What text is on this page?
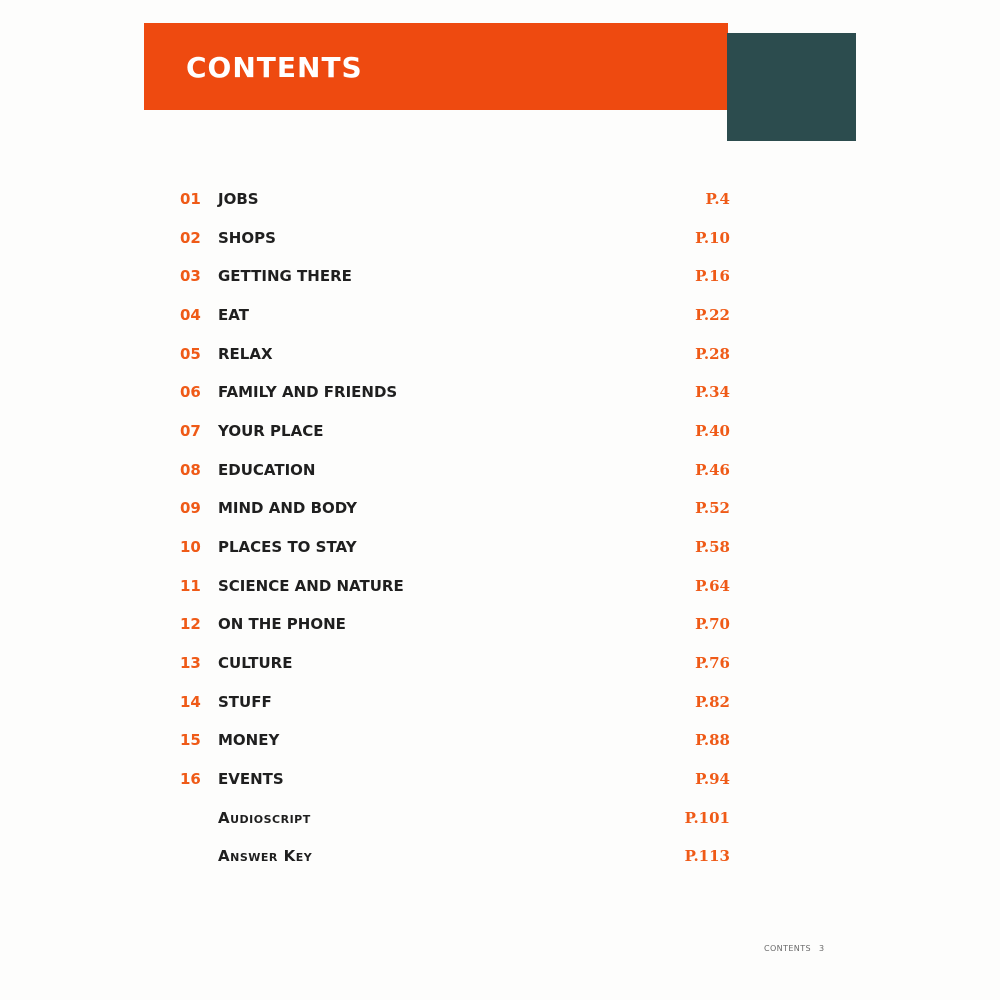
CONTENTS
01 JOBS	P.4
02 SHOPS	P.10
03 GETTING THERE	P.16
04 EAT	P.22
05 RELAX	P.28
06 FAMILY AND FRIENDS	P.34
07 YOUR PLACE	P.40
08 EDUCATION	P.46
09 MIND AND BODY	P.52
10 PLACES TO STAY	P.58
11 SCIENCE AND NATURE	P.64
12 ON THE PHONE	P.70
13 CULTURE	P.76
14 STUFF	P.82
15 MONEY	P.88
16 EVENTS	P.94
Audioscript	P.101
Answer Key	P.113
CONTENTS 3
